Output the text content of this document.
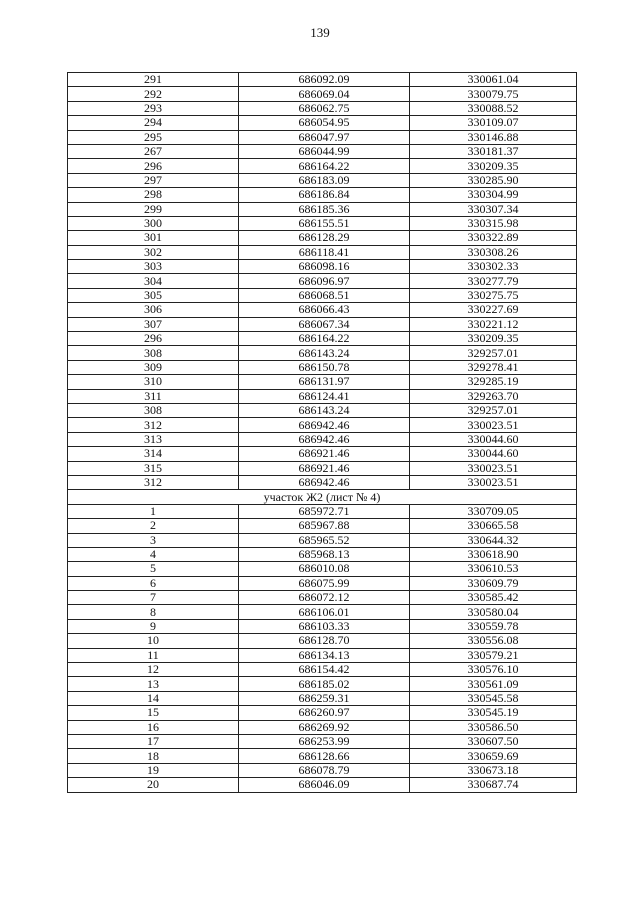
139
291	686092.09	330061.04
292	686069.04	330079.75
293	686062.75	330088.52
294	686054.95	330109.07
295	686047.97	330146.88
267	686044.99	330181.37
296	686164.22	330209.35
297	686183.09	330285.90
298	686186.84	330304.99
299	686185.36	330307.34
300	686155.51	330315.98
301	686128.29	330322.89
302	686118.41	330308.26
303	686098.16	330302.33
304	686096.97	330277.79
305	686068.51	330275.75
306	686066.43	330227.69
307	686067.34	330221.12
296	686164.22	330209.35
308	686143.24	329257.01
309	686150.78	329278.41
310	686131.97	329285.19
311	686124.41	329263.70
308	686143.24	329257.01
312	686942.46	330023.51
313	686942.46	330044.60
314	686921.46	330044.60
315	686921.46	330023.51
312	686942.46	330023.51
участок Ж2 (лист № 4)		
1	685972.71	330709.05
2	685967.88	330665.58
3	685965.52	330644.32
4	685968.13	330618.90
5	686010.08	330610.53
6	686075.99	330609.79
7	686072.12	330585.42
8	686106.01	330580.04
9	686103.33	330559.78
10	686128.70	330556.08
11	686134.13	330579.21
12	686154.42	330576.10
13	686185.02	330561.09
14	686259.31	330545.58
15	686260.97	330545.19
16	686269.92	330586.50
17	686253.99	330607.50
18	686128.66	330659.69
19	686078.79	330673.18
20	686046.09	330687.74
